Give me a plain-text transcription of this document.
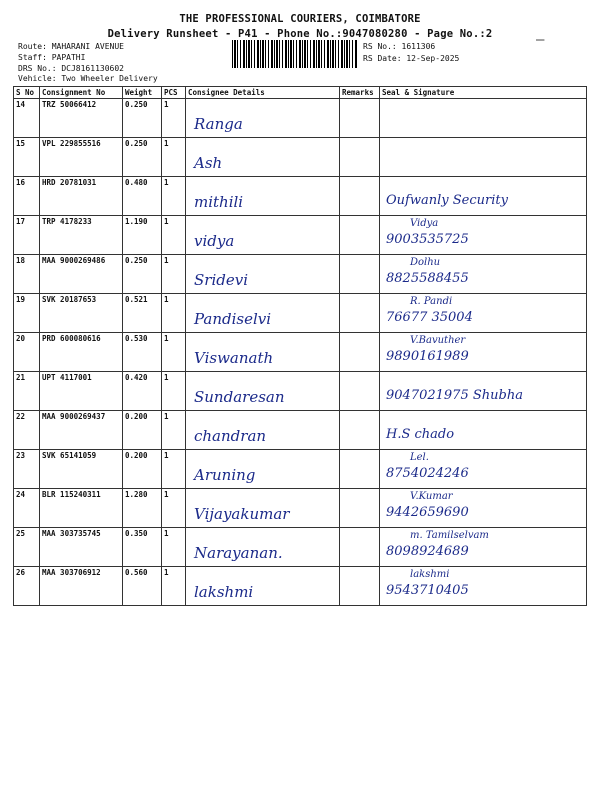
THE PROFESSIONAL COURIERS, COIMBATORE
Delivery Runsheet - P41 - Phone No.:9047080280 - Page No.:2
Route: MAHARANI AVENUE
Staff: PAPATHI
DRS No.: DCJ8161130602
Vehicle: Two Wheeler Delivery
RS No.: 1611306
RS Date: 12-Sep-2025
—
S No	Consignment No	Weight	PCS	Consignee Details	Remarks	Seal & Signature
14	TRZ 50066412	0.250	1	Ranga		

15	VPL 229855516	0.250	1	Ash		

16	HRD 20781031	0.480	1	mithili		Oufwanly Security

17	TRP 4178233	1.190	1	vidya		Vidya
9003535725

18	MAA 9000269486	0.250	1	Sridevi		Dolhu
8825588455

19	SVK 20187653	0.521	1	Pandiselvi		R. Pandi
76677 35004

20	PRD 600080616	0.530	1	Viswanath		V.Bavuther
9890161989

21	UPT 4117001	0.420	1	Sundaresan		9047021975 Shubha

22	MAA 9000269437	0.200	1	chandran		H.S chado

23	SVK 65141059	0.200	1	Aruning		Lel.
8754024246

24	BLR 115240311	1.280	1	Vijayakumar		V.Kumar
9442659690

25	MAA 303735745	0.350	1	Narayanan.		m. Tamilselvam
8098924689

26	MAA 303706912	0.560	1	lakshmi		lakshmi
9543710405
